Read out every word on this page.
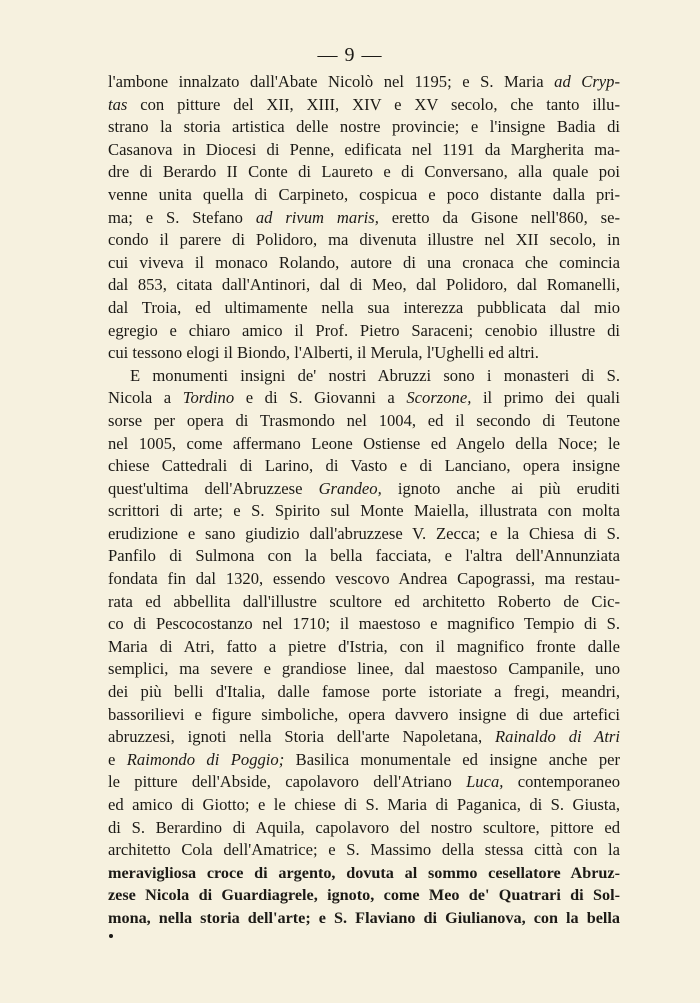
— 9 —
l'ambone innalzato dall'Abate Nicolò nel 1195; e S. Maria ad Cryp-
tas con pitture del XII, XIII, XIV e XV secolo, che tanto illu-
strano la storia artistica delle nostre provincie; e l'insigne Badia di
Casanova in Diocesi di Penne, edificata nel 1191 da Margherita ma-
dre di Berardo II Conte di Laureto e di Conversano, alla quale poi
venne unita quella di Carpineto, cospicua e poco distante dalla pri-
ma; e S. Stefano ad rivum maris, eretto da Gisone nell'860, se-
condo il parere di Polidoro, ma divenuta illustre nel XII secolo, in
cui viveva il monaco Rolando, autore di una cronaca che comincia
dal 853, citata dall'Antinori, dal di Meo, dal Polidoro, dal Romanelli,
dal Troia, ed ultimamente nella sua interezza pubblicata dal mio
egregio e chiaro amico il Prof. Pietro Saraceni; cenobio illustre di
cui tessono elogi il Biondo, l'Alberti, il Merula, l'Ughelli ed altri.
E monumenti insigni de' nostri Abruzzi sono i monasteri di S.
Nicola a Tordino e di S. Giovanni a Scorzone, il primo dei quali
sorse per opera di Trasmondo nel 1004, ed il secondo di Teutone
nel 1005, come affermano Leone Ostiense ed Angelo della Noce; le
chiese Cattedrali di Larino, di Vasto e di Lanciano, opera insigne
quest'ultima dell'Abruzzese Grandeo, ignoto anche ai più eruditi
scrittori di arte; e S. Spirito sul Monte Maiella, illustrata con molta
erudizione e sano giudizio dall'abruzzese V. Zecca; e la Chiesa di S.
Panfilo di Sulmona con la bella facciata, e l'altra dell'Annunziata
fondata fin dal 1320, essendo vescovo Andrea Capograssi, ma restau-
rata ed abbellita dall'illustre scultore ed architetto Roberto de Cic-
co di Pescocostanzo nel 1710; il maestoso e magnifico Tempio di S.
Maria di Atri, fatto a pietre d'Istria, con il magnifico fronte dalle
semplici, ma severe e grandiose linee, dal maestoso Campanile, uno
dei più belli d'Italia, dalle famose porte istoriate a fregi, meandri,
bassorilievi e figure simboliche, opera davvero insigne di due artefici
abruzzesi, ignoti nella Storia dell'arte Napoletana, Rainaldo di Atri
e Raimondo di Poggio; Basilica monumentale ed insigne anche per
le pitture dell'Abside, capolavoro dell'Atriano Luca, contemporaneo
ed amico di Giotto; e le chiese di S. Maria di Paganica, di S. Giusta,
di S. Berardino di Aquila, capolavoro del nostro scultore, pittore ed
architetto Cola dell'Amatrice; e S. Massimo della stessa città con la
meravigliosa croce di argento, dovuta al sommo cesellatore Abruz-
zese Nicola di Guardiagrele, ignoto, come Meo de' Quatrari di Sol-
mona, nella storia dell'arte; e S. Flaviano di Giulianova, con la bella
